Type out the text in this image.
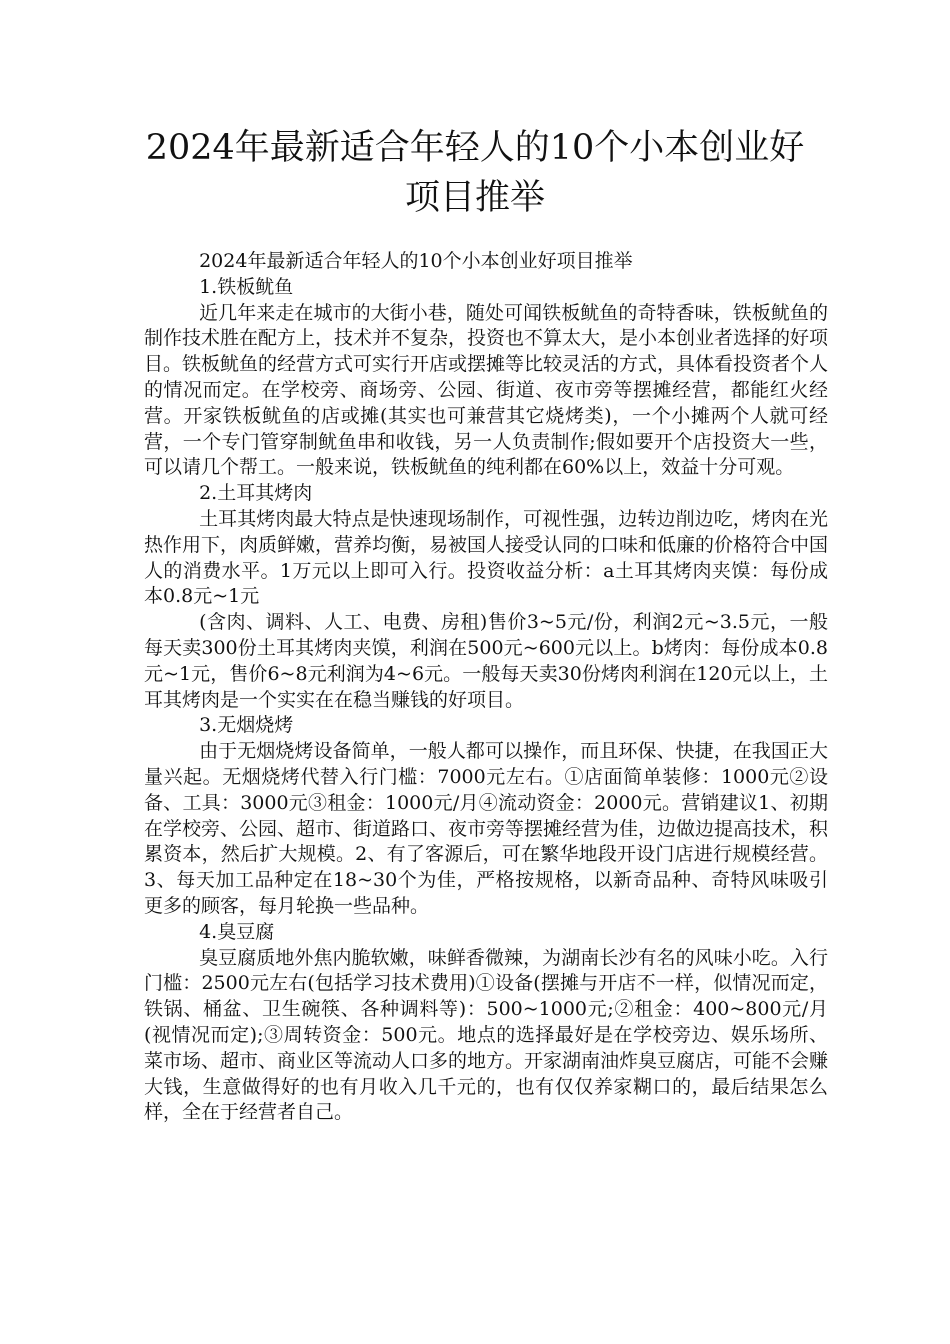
2024年最新适合年轻人的10个小本创业好
项目推举

2024年最新适合年轻人的10个小本创业好项目推举

1.铁板鱿鱼

近几年来走在城市的大街小巷，随处可闻铁板鱿鱼的奇特香味，铁板鱿鱼的制作技术胜在配方上，技术并不复杂，投资也不算太大，是小本创业者选择的好项目。铁板鱿鱼的经营方式可实行开店或摆摊等比较灵活的方式，具体看投资者个人的情况而定。在学校旁、商场旁、公园、街道、夜市旁等摆摊经营，都能红火经营。开家铁板鱿鱼的店或摊(其实也可兼营其它烧烤类)，一个小摊两个人就可经营，一个专门管穿制鱿鱼串和收钱，另一人负责制作;假如要开个店投资大一些，可以请几个帮工。一般来说，铁板鱿鱼的纯利都在60%以上，效益十分可观。

2.土耳其烤肉

土耳其烤肉最大特点是快速现场制作，可视性强，边转边削边吃，烤肉在光热作用下，肉质鲜嫩，营养均衡，易被国人接受认同的口味和低廉的价格符合中国人的消费水平。1万元以上即可入行。投资收益分析：a土耳其烤肉夹馍：每份成本0.8元~1元

(含肉、调料、人工、电费、房租)售价3~5元/份，利润2元~3.5元，一般每天卖300份土耳其烤肉夹馍，利润在500元~600元以上。b烤肉：每份成本0.8元~1元，售价6~8元利润为4~6元。一般每天卖30份烤肉利润在120元以上，土耳其烤肉是一个实实在在稳当赚钱的好项目。

3.无烟烧烤

由于无烟烧烤设备简单，一般人都可以操作，而且环保、快捷，在我国正大量兴起。无烟烧烤代替入行门槛：7000元左右。①店面简单装修：1000元②设备、工具：3000元③租金：1000元/月④流动资金：2000元。营销建议1、初期在学校旁、公园、超市、街道路口、夜市旁等摆摊经营为佳，边做边提高技术，积累资本，然后扩大规模。2、有了客源后，可在繁华地段开设门店进行规模经营。3、每天加工品种定在18~30个为佳，严格按规格，以新奇品种、奇特风味吸引更多的顾客，每月轮换一些品种。

4.臭豆腐

臭豆腐质地外焦内脆软嫩，味鲜香微辣，为湖南长沙有名的风味小吃。入行门槛：2500元左右(包括学习技术费用)①设备(摆摊与开店不一样，似情况而定，铁锅、桶盆、卫生碗筷、各种调料等)：500~1000元;②租金：400~800元/月(视情况而定);③周转资金：500元。地点的选择最好是在学校旁边、娱乐场所、菜市场、超市、商业区等流动人口多的地方。开家湖南油炸臭豆腐店，可能不会赚大钱，生意做得好的也有月收入几千元的，也有仅仅养家糊口的，最后结果怎么样，全在于经营者自己。
